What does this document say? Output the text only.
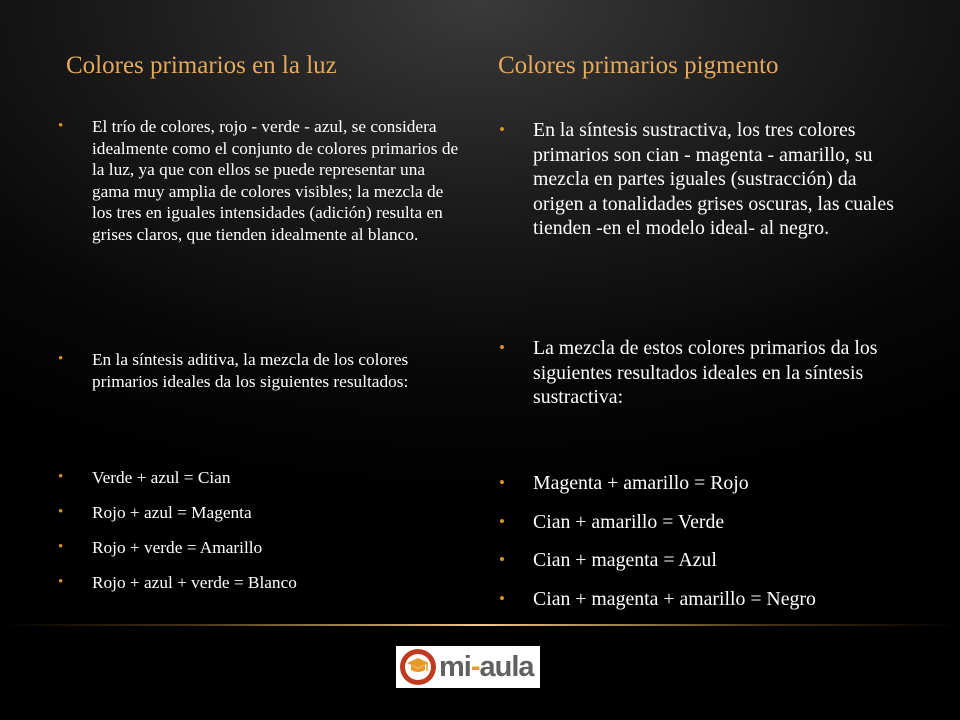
Colores primarios en la luz	Colores primarios pigmento
• El trío de colores, rojo - verde - azul, se considera idealmente como el conjunto de colores primarios de la luz, ya que con ellos se puede representar una gama muy amplia de colores visibles; la mezcla de los tres en iguales intensidades (adición) resulta en grises claros, que tienden idealmente al blanco.
• En la síntesis aditiva, la mezcla de los colores primarios ideales da los siguientes resultados:
• Verde + azul = Cian
• Rojo + azul = Magenta
• Rojo + verde = Amarillo
• Rojo + azul + verde = Blanco
• En la síntesis sustractiva, los tres colores primarios son cian - magenta - amarillo, su mezcla en partes iguales (sustracción) da origen a tonalidades grises oscuras, las cuales tienden -en el modelo ideal- al negro.
• La mezcla de estos colores primarios da los siguientes resultados ideales en la síntesis sustractiva:
• Magenta + amarillo = Rojo
• Cian + amarillo = Verde
• Cian + magenta = Azul
• Cian + magenta + amarillo = Negro
mi-aula
